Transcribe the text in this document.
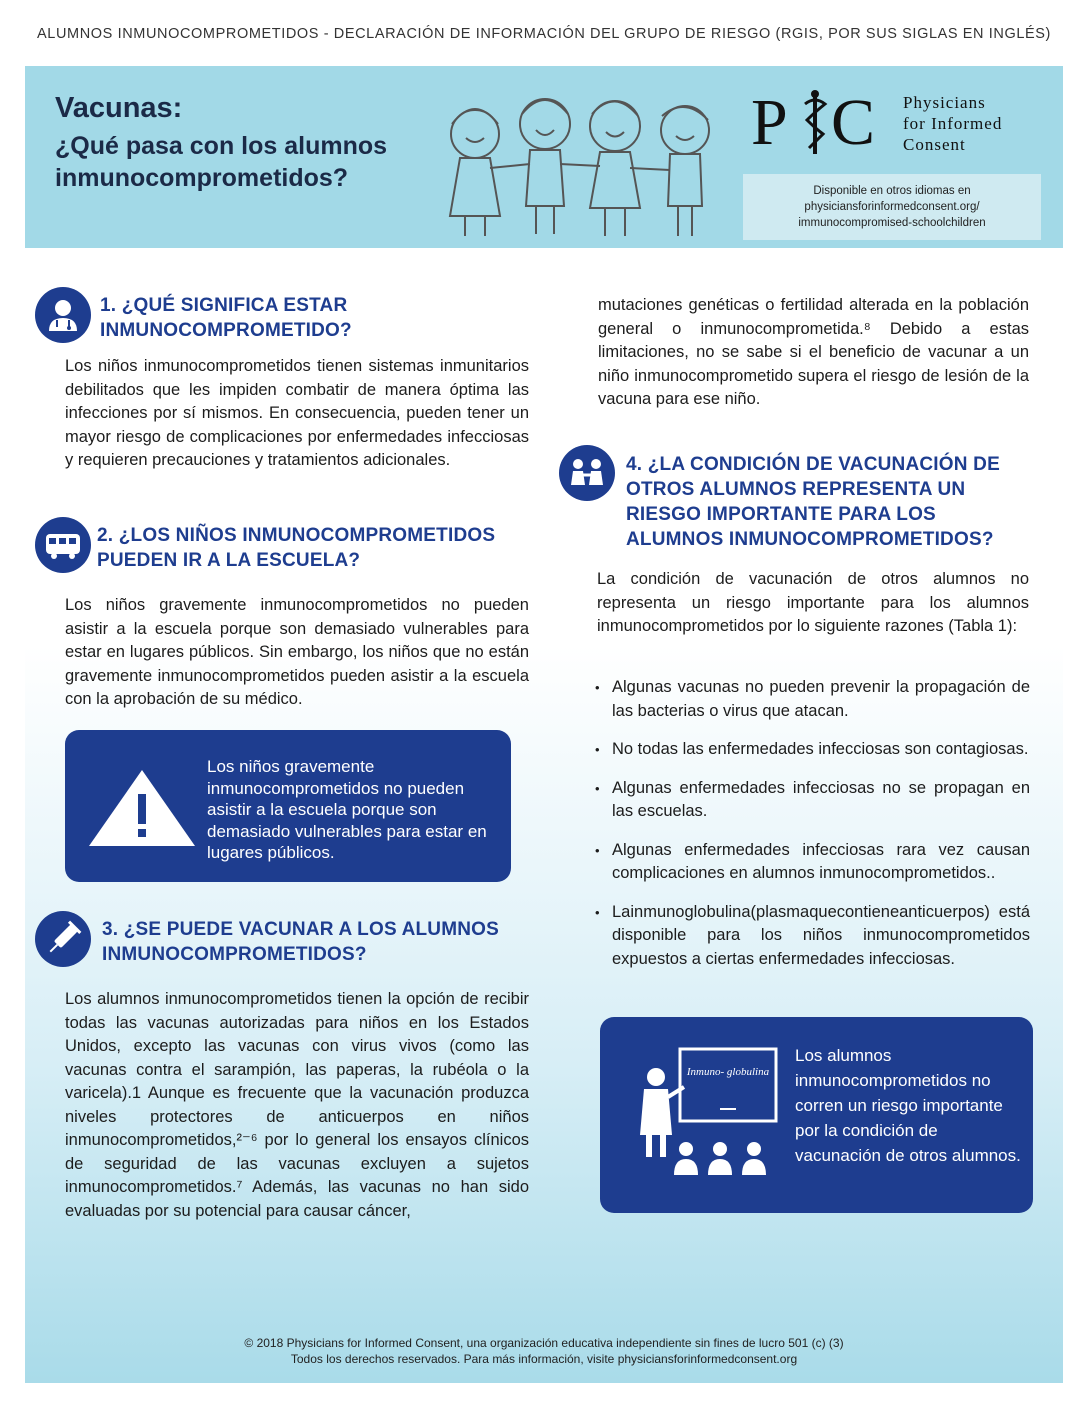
ALUMNOS INMUNOCOMPROMETIDOS - DECLARACIÓN DE INFORMACIÓN DEL GRUPO DE RIESGO (RGIS, POR SUS SIGLAS EN INGLÉS)
Vacunas:
¿Qué pasa con los alumnos inmunocomprometidos?
P C Physicians
for Informed
Consent
Disponible en otros idiomas en
physiciansforinformedconsent.org/
immunocompromised-schoolchildren
1. ¿QUÉ SIGNIFICA ESTAR INMUNOCOMPROMETIDO?
Los niños inmunocomprometidos tienen sistemas inmunitarios debilitados que les impiden combatir de manera óptima las infecciones por sí mismos. En consecuencia, pueden tener un mayor riesgo de complicaciones por enfermedades infecciosas y requieren precauciones y tratamientos adicionales.
2. ¿LOS NIÑOS INMUNOCOMPROMETIDOS PUEDEN IR A LA ESCUELA?
Los niños gravemente inmunocomprometidos no pueden asistir a la escuela porque son demasiado vulnerables para estar en lugares públicos. Sin embargo, los niños que no están gravemente inmunocomprometidos pueden asistir a la escuela con la aprobación de su médico.
Los niños gravemente inmunocomprometidos no pueden asistir a la escuela porque son demasiado vulnerables para estar en lugares públicos.
3. ¿SE PUEDE VACUNAR A LOS ALUMNOS INMUNOCOMPROMETIDOS?
Los alumnos inmunocomprometidos tienen la opción de recibir todas las vacunas autorizadas para niños en los Estados Unidos, excepto las vacunas con virus vivos (como las vacunas contra el sarampión, las paperas, la rubéola o la varicela).1 Aunque es frecuente que la vacunación produzca niveles protectores de anticuerpos en niños inmunocomprometidos,²⁻⁶ por lo general los ensayos clínicos de seguridad de las vacunas excluyen a sujetos inmunocomprometidos.⁷ Además, las vacunas no han sido evaluadas por su potencial para causar cáncer,
mutaciones genéticas o fertilidad alterada en la población general o inmunocomprometida.⁸ Debido a estas limitaciones, no se sabe si el beneficio de vacunar a un niño inmunocomprometido supera el riesgo de lesión de la vacuna para ese niño.
4. ¿LA CONDICIÓN DE VACUNACIÓN DE OTROS ALUMNOS REPRESENTA UN RIESGO IMPORTANTE PARA LOS ALUMNOS INMUNOCOMPROMETIDOS?
La condición de vacunación de otros alumnos no representa un riesgo importante para los alumnos inmunocomprometidos por lo siguiente razones (Tabla 1):
• Algunas vacunas no pueden prevenir la propagación de las bacterias o virus que atacan.
• No todas las enfermedades infecciosas son contagiosas.
• Algunas enfermedades infecciosas no se propagan en las escuelas.
• Algunas enfermedades infecciosas rara vez causan complicaciones en alumnos inmunocomprometidos..
• Lainmunoglobulina(plasmaquecontieneanticuerpos) está disponible para los niños inmunocomprometidos expuestos a ciertas enfermedades infecciosas.
Inmuno- globulina
Los alumnos inmunocomprometidos no corren un riesgo importante por la condición de vacunación de otros alumnos.
© 2018 Physicians for Informed Consent, una organización educativa independiente sin fines de lucro 501 (c) (3)
Todos los derechos reservados. Para más información, visite physiciansforinformedconsent.org
